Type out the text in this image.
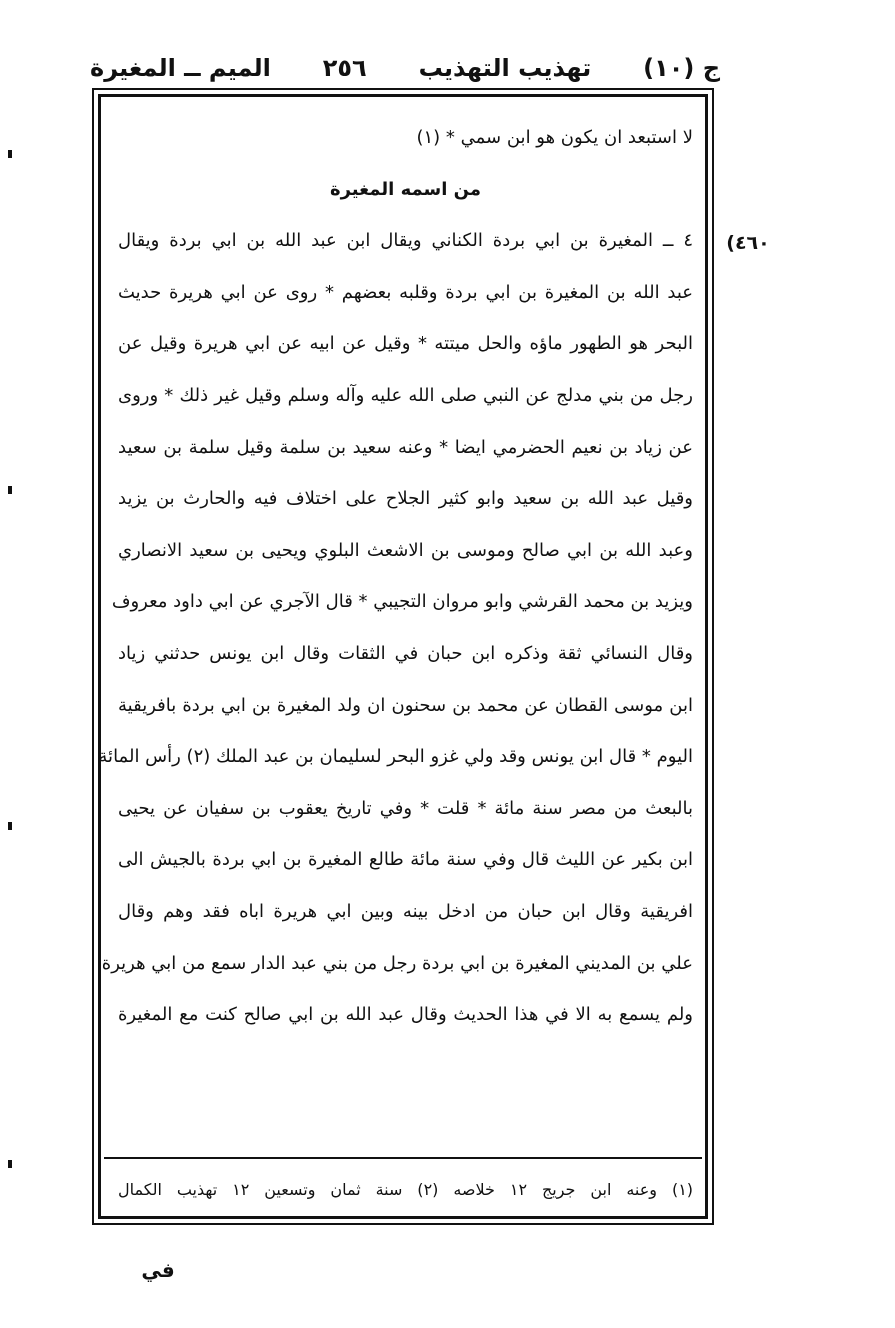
ج (١٠)
تهذيب التهذيب
٢٥٦
الميم ــ المغيرة
٤٦٠)
لا استبعد ان يكون هو ابن سمي * (١)
من اسمه المغيرة
٤ ــ المغيرة بن ابي بردة الكناني ويقال ابن عبد الله بن ابي بردة ويقال
عبد الله بن المغيرة بن ابي بردة وقلبه بعضهم * روى عن ابي هريرة حديث
البحر هو الطهور ماؤه والحل ميتته * وقيل عن ابيه عن ابي هريرة وقيل عن
رجل من بني مدلج عن النبي صلى الله عليه وآله وسلم وقيل غير ذلك * وروى
عن زياد بن نعيم الحضرمي ايضا * وعنه سعيد بن سلمة وقيل سلمة بن سعيد
وقيل عبد الله بن سعيد وابو كثير الجلاح على اختلاف فيه والحارث بن يزيد
وعبد الله بن ابي صالح وموسى بن الاشعث البلوي ويحيى بن سعيد الانصاري
ويزيد بن محمد القرشي وابو مروان التجيبي * قال الآجري عن ابي داود معروف
وقال النسائي ثقة وذكره ابن حبان في الثقات وقال ابن يونس حدثني زياد
ابن موسى القطان عن محمد بن سحنون ان ولد المغيرة بن ابي بردة بافريقية
اليوم * قال ابن يونس وقد ولي غزو البحر لسليمان بن عبد الملك (٢) رأس المائة
بالبعث من مصر سنة مائة * قلت * وفي تاريخ يعقوب بن سفيان عن يحيى
ابن بكير عن الليث قال وفي سنة مائة طالع المغيرة بن ابي بردة بالجيش الى
افريقية وقال ابن حبان من ادخل بينه وبين ابي هريرة اباه فقد وهم وقال
علي بن المديني المغيرة بن ابي بردة رجل من بني عبد الدار سمع من ابي هريرة
ولم يسمع به الا في هذا الحديث وقال عبد الله بن ابي صالح كنت مع المغيرة
(١) وعنه ابن جريج ١٢ خلاصه (٢) سنة ثمان وتسعين ١٢ تهذيب الكمال
في
